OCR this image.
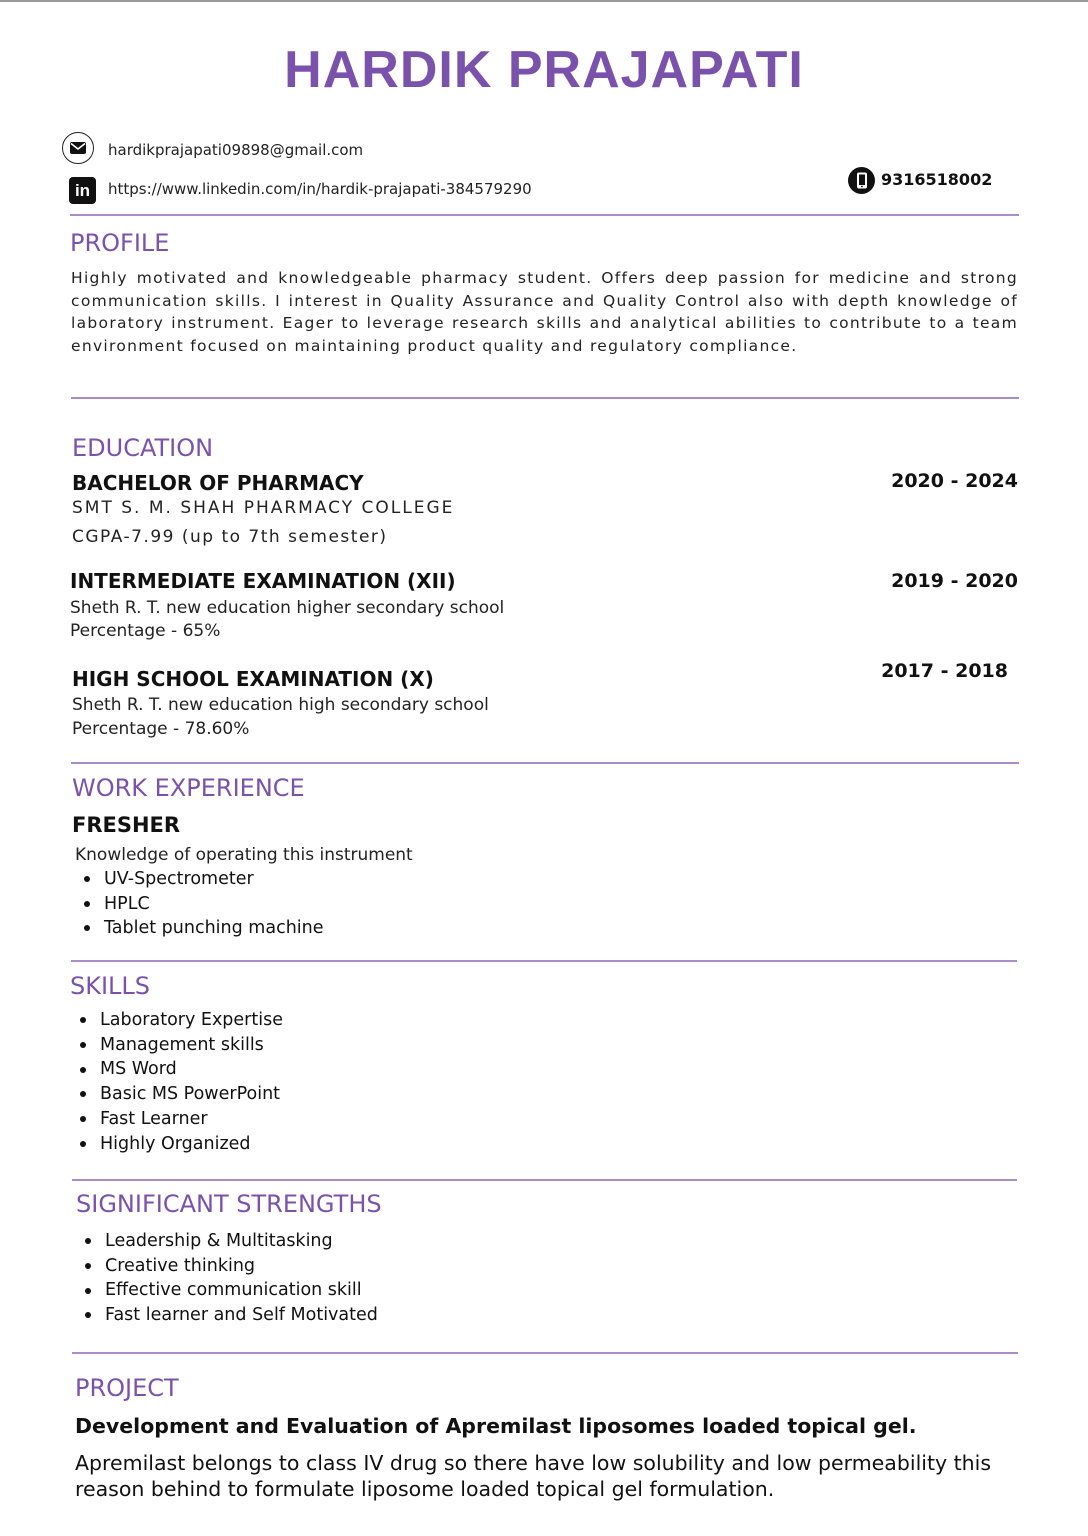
HARDIK PRAJAPATI
hardikprajapati09898@gmail.com
in	https://www.linkedin.com/in/hardik-prajapati-384579290	9316518002
PROFILE

Highly motivated and knowledgeable pharmacy student. Offers deep passion for medicine and strong communication skills. I interest in Quality Assurance and Quality Control also with depth knowledge of laboratory instrument. Eager to leverage research skills and analytical abilities to contribute to a team environment focused on maintaining product quality and regulatory compliance.

EDUCATION
BACHELOR OF PHARMACY	2020 - 2024
SMT S. M. SHAH PHARMACY COLLEGE
CGPA-7.99 (up to 7th semester)
INTERMEDIATE EXAMINATION (XII)	2019 - 2020
Sheth R. T. new education higher secondary school
Percentage - 65%
HIGH SCHOOL EXAMINATION (X)	2017 - 2018
Sheth R. T. new education high secondary school
Percentage - 78.60%
WORK EXPERIENCE
FRESHER
Knowledge of operating this instrument
UV-Spectrometer
HPLC
Tablet punching machine
SKILLS
Laboratory Expertise
Management skills
MS Word
Basic MS PowerPoint
Fast Learner
Highly Organized
SIGNIFICANT STRENGTHS
Leadership & Multitasking
Creative thinking
Effective communication skill
Fast learner and Self Motivated
PROJECT
Development and Evaluation of Apremilast liposomes loaded topical gel.

Apremilast belongs to class IV drug so there have low solubility and low permeability this reason behind to formulate liposome loaded topical gel formulation.
